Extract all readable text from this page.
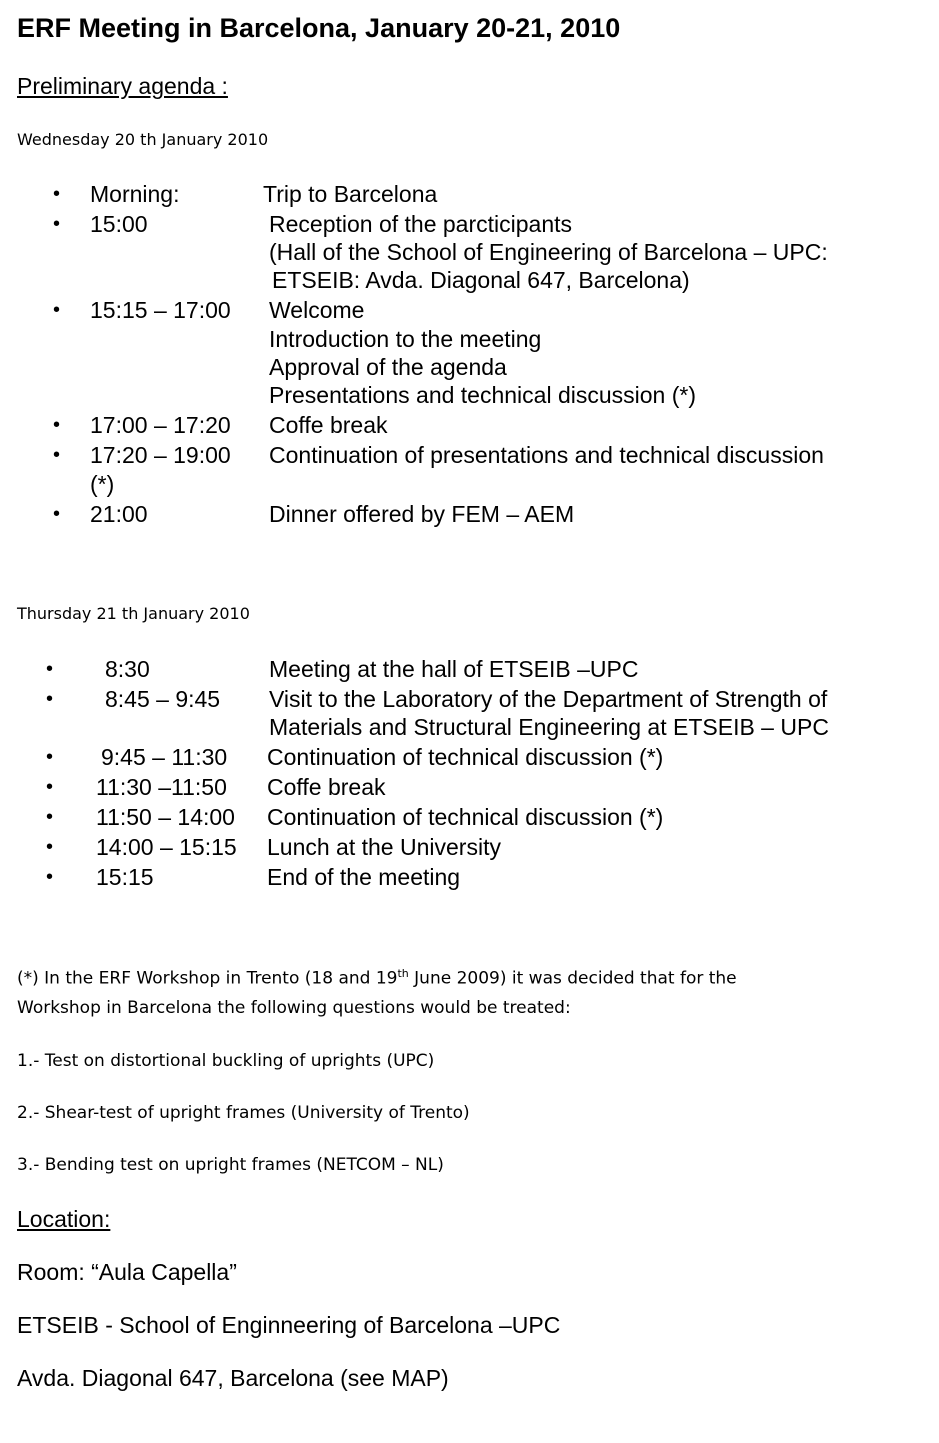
ERF Meeting in Barcelona, January 20-21, 2010
Preliminary agenda :
Wednesday 20 th January 2010
• Morning:	Trip to Barcelona
• 15:00	Reception of the parcticipants
(Hall of the School of Engineering of Barcelona – UPC:
ETSEIB: Avda. Diagonal 647, Barcelona)
• 15:15 – 17:00 Welcome
Introduction to the meeting
Approval of the agenda
Presentations and technical discussion (*)
• 17:00 – 17:20 Coffe break
• 17:20 – 19:00 Continuation of presentations and technical discussion
(*)
• 21:00	Dinner offered by FEM – AEM
Thursday 21 th January 2010
• 8:30	Meeting at the hall of ETSEIB –UPC
• 8:45 – 9:45 Visit to the Laboratory of the Department of Strength of
Materials and Structural Engineering at ETSEIB – UPC
• 9:45 – 11:30 Continuation of technical discussion (*)
• 11:30 –11:50 Coffe break
• 11:50 – 14:00 Continuation of technical discussion (*)
• 14:00 – 15:15 Lunch at the University
• 15:15	End of the meeting
(*) In the ERF Workshop in Trento (18 and 19th June 2009) it was decided that for the
Workshop in Barcelona the following questions would be treated:
1.- Test on distortional buckling of uprights (UPC)
2.- Shear-test of upright frames (University of Trento)
3.- Bending test on upright frames (NETCOM – NL)
Location:
Room: “Aula Capella”
ETSEIB - School of Enginneering of Barcelona –UPC
Avda. Diagonal 647, Barcelona (see MAP)
